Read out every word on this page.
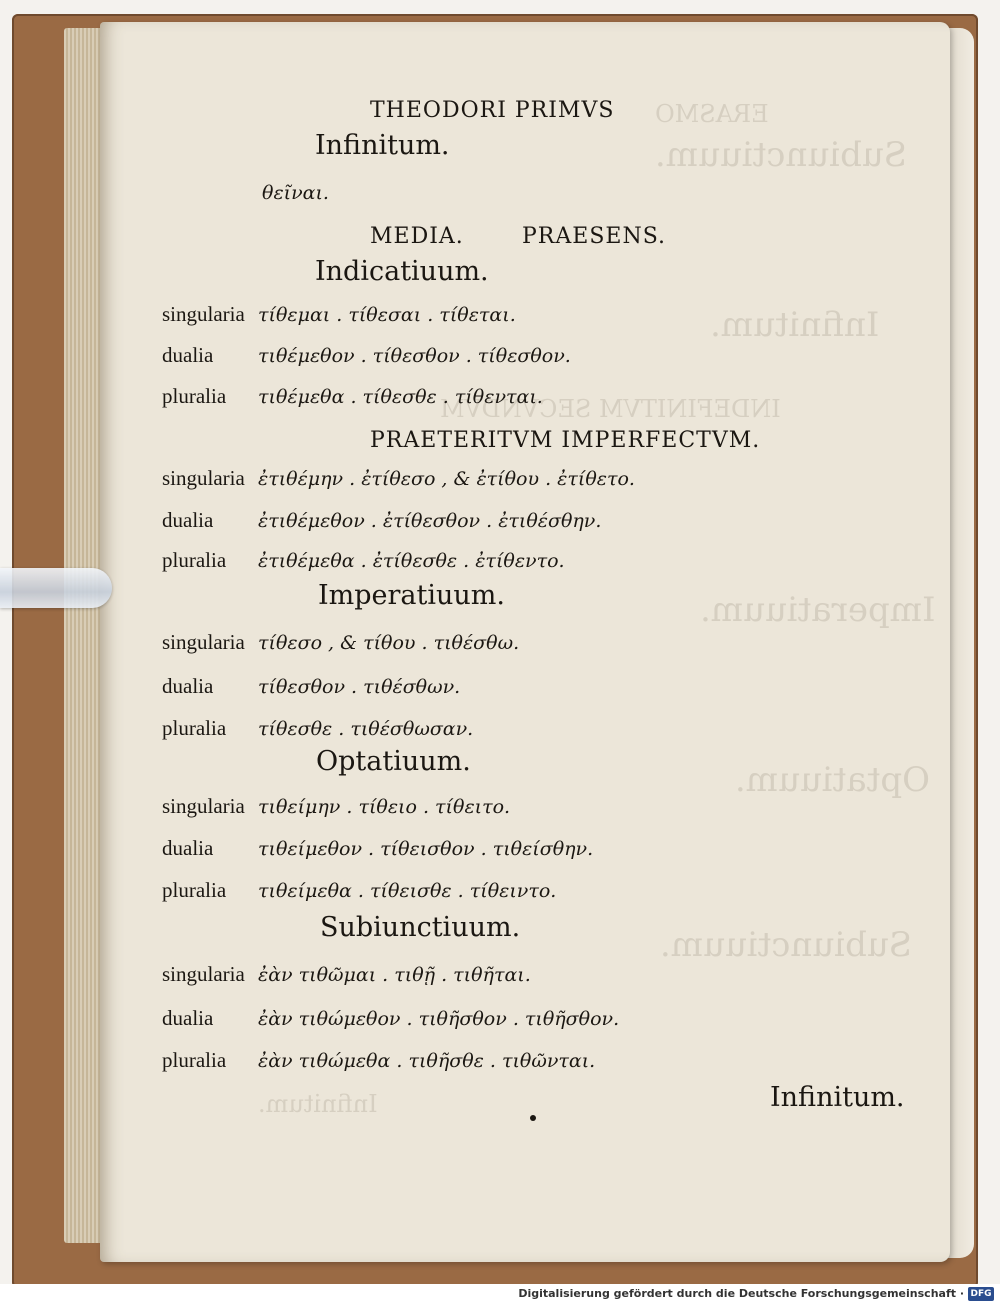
ERASMO
Subiunctiuum.
Infinitum.
INDEFINITVM SECVNDVM
Imperatiuum.
Optatiuum.
Subiunctiuum.
Infinitum.
THEODORI PRIMVS
Infinitum.
θεῖναι.
MEDIA.	PRAESENS.
Indicatiuum.
singularia τίθεμαι . τίθεσαι . τίθεται.
dualia τιθέμεθον . τίθεσθον . τίθεσθον.
pluralia τιθέμεθα . τίθεσθε . τίθενται.
PRAETERITVM IMPERFECTVM.
singularia ἐτιθέμην . ἐτίθεσο , & ἐτίθου . ἐτίθετο.
dualia ἐτιθέμεθον . ἐτίθεσθον . ἐτιθέσθην.
pluralia ἐτιθέμεθα . ἐτίθεσθε . ἐτίθεντο.
Imperatiuum.
singularia τίθεσο , & τίθου . τιθέσθω.
dualia τίθεσθον . τιθέσθων.
pluralia τίθεσθε . τιθέσθωσαν.
Optatiuum.
singularia τιθείμην . τίθειο . τίθειτο.
dualia τιθείμεθον . τίθεισθον . τιθείσθην.
pluralia τιθείμεθα . τίθεισθε . τίθειντο.
Subiunctiuum.
singularia ἐὰν τιθῶμαι . τιθῇ . τιθῆται.
dualia ἐὰν τιθώμεθον . τιθῆσθον . τιθῆσθον.
pluralia ἐὰν τιθώμεθα . τιθῆσθε . τιθῶνται.
Infinitum.
Digitalisierung gefördert durch die Deutsche Forschungsgemeinschaft · DFG
